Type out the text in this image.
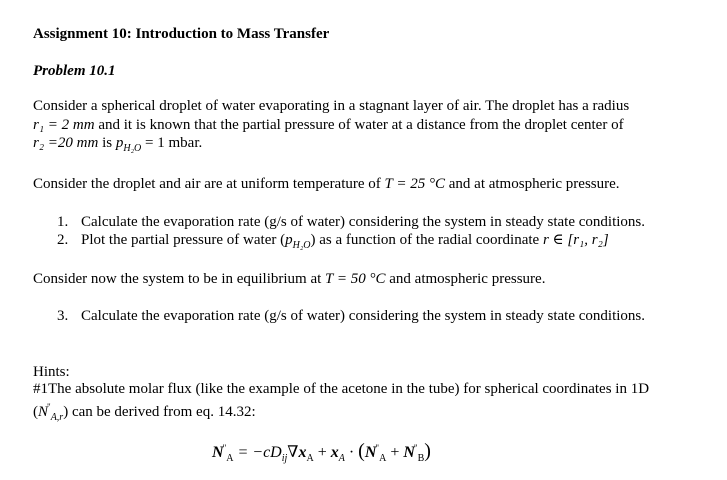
Assignment 10: Introduction to Mass Transfer
Problem 10.1
Consider a spherical droplet of water evaporating in a stagnant layer of air. The droplet has a radius
r₁ = 2 mm and it is known that the partial pressure of water at a distance from the droplet center of
r₂ =20 mm is $p_{H_2O} = 1$ mbar.
Consider the droplet and air are at uniform temperature of T = 25 °C and at atmospheric pressure.
1. Calculate the evaporation rate (g/s of water) considering the system in steady state conditions.
2. Plot the partial pressure of water $(p_{H_2O})$ as a function of the radial coordinate r ∈ [r₁, r₂]
Consider now the system to be in equilibrium at T = 50 °C and atmospheric pressure.
3. Calculate the evaporation rate (g/s of water) considering the system in steady state conditions.
Hints:
#1The absolute molar flux (like the example of the acetone in the tube) for spherical coordinates in 1D
$(N^"_{A,r})$ can be derived from eq. 14.32:
$N^"_A = -cD_{ij}\nabla x_A + x_A \cdot (N^"_A + N^"_B)$
